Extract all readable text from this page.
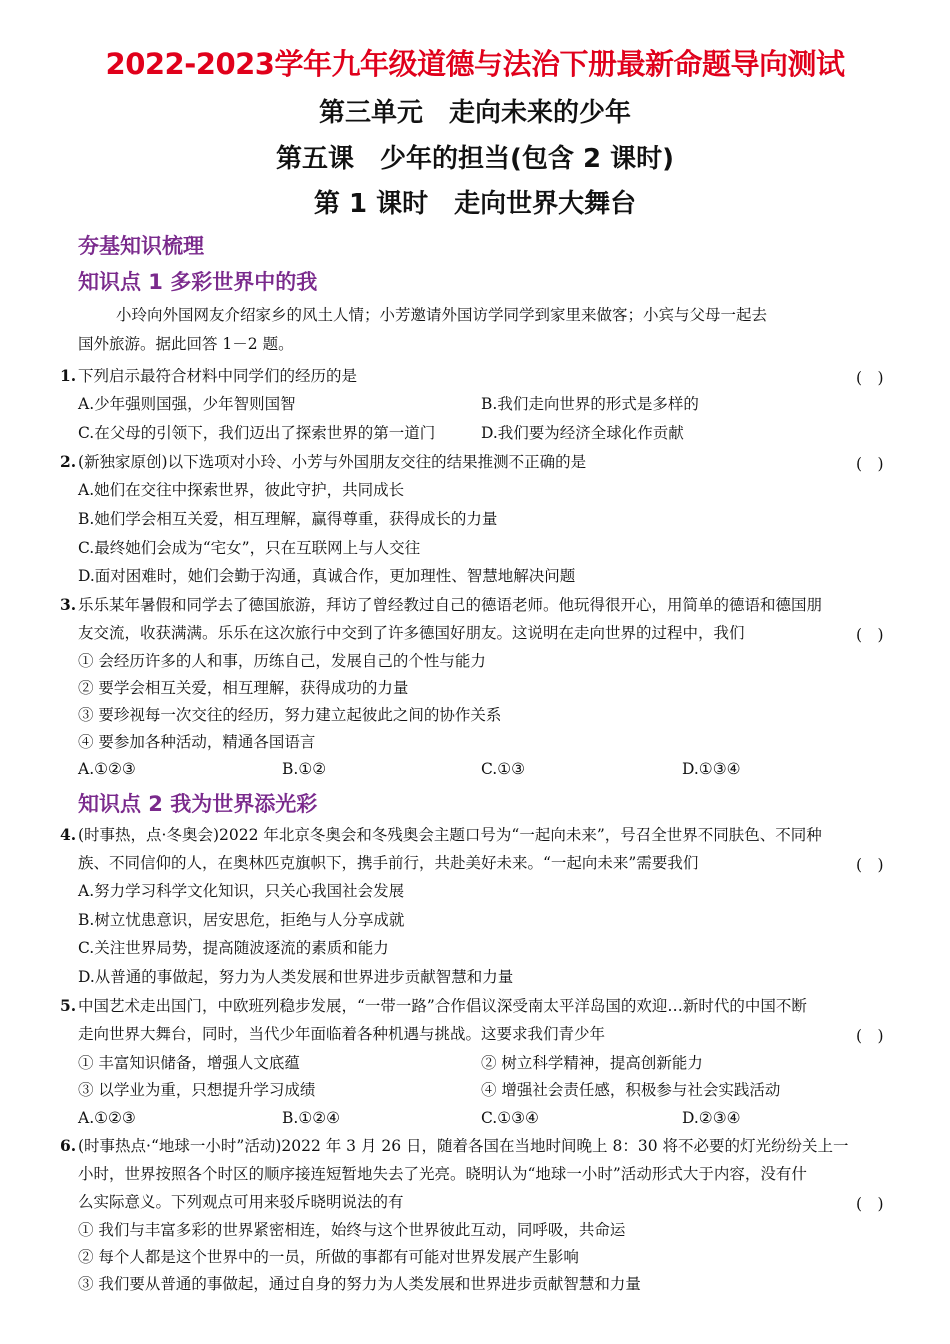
2022-2023学年九年级道德与法治下册最新命题导向测试
第三单元　走向未来的少年
第五课　少年的担当(包含 2 课时)
第 1 课时　走向世界大舞台
夯基知识梳理
知识点 1 多彩世界中的我
小玲向外国网友介绍家乡的风土人情；小芳邀请外国访学同学到家里来做客；小宾与父母一起去
国外旅游。据此回答 1－2 题。
1. 下列启示最符合材料中同学们的经历的是	(　)
A.少年强则国强，少年智则国智	B.我们走向世界的形式是多样的
C.在父母的引领下，我们迈出了探索世界的第一道门	D.我们要为经济全球化作贡献
2. (新独家原创)以下选项对小玲、小芳与外国朋友交往的结果推测不正确的是	(　)
A.她们在交往中探索世界，彼此守护，共同成长
B.她们学会相互关爱，相互理解，赢得尊重，获得成长的力量
C.最终她们会成为“宅女”，只在互联网上与人交往
D.面对困难时，她们会勤于沟通，真诚合作，更加理性、智慧地解决问题
3. 乐乐某年暑假和同学去了德国旅游，拜访了曾经教过自己的德语老师。他玩得很开心，用简单的德语和德国朋
友交流，收获满满。乐乐在这次旅行中交到了许多德国好朋友。这说明在走向世界的过程中，我们	(　)
① 会经历许多的人和事，历练自己，发展自己的个性与能力
② 要学会相互关爱，相互理解，获得成功的力量
③ 要珍视每一次交往的经历，努力建立起彼此之间的协作关系
④ 要参加各种活动，精通各国语言
A.①②③	B.①②	C.①③	D.①③④
知识点 2 我为世界添光彩
4. (时事热，点·冬奥会)2022 年北京冬奥会和冬残奥会主题口号为“一起向未来”，号召全世界不同肤色、不同种
族、不同信仰的人，在奥林匹克旗帜下，携手前行，共赴美好未来。“一起向未来”需要我们	(　)
A.努力学习科学文化知识，只关心我国社会发展
B.树立忧患意识，居安思危，拒绝与人分享成就
C.关注世界局势，提高随波逐流的素质和能力
D.从普通的事做起，努力为人类发展和世界进步贡献智慧和力量
5. 中国艺术走出国门，中欧班列稳步发展，“一带一路”合作倡议深受南太平洋岛国的欢迎…新时代的中国不断
走向世界大舞台，同时，当代少年面临着各种机遇与挑战。这要求我们青少年	(　)
① 丰富知识储备，增强人文底蕴	② 树立科学精神，提高创新能力
③ 以学业为重，只想提升学习成绩	④ 增强社会责任感，积极参与社会实践活动
A.①②③	B.①②④	C.①③④	D.②③④
6. (时事热点·“地球一小时”活动)2022 年 3 月 26 日，随着各国在当地时间晚上 8：30 将不必要的灯光纷纷关上一
小时，世界按照各个时区的顺序接连短暂地失去了光亮。晓明认为“地球一小时”活动形式大于内容，没有什
么实际意义。下列观点可用来驳斥晓明说法的有	(　)
① 我们与丰富多彩的世界紧密相连，始终与这个世界彼此互动，同呼吸，共命运
② 每个人都是这个世界中的一员，所做的事都有可能对世界发展产生影响
③ 我们要从普通的事做起，通过自身的努力为人类发展和世界进步贡献智慧和力量
